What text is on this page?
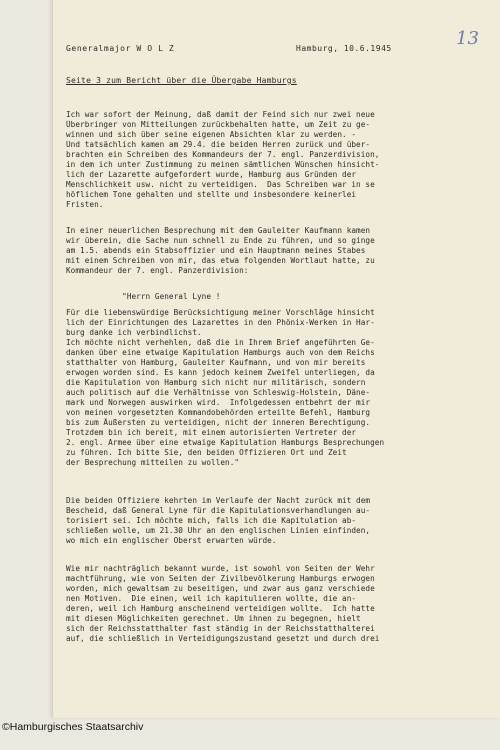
Generalmajor W O L Z	Hamburg, 10.6.1945	13
Seite 3 zum Bericht über die Übergabe Hamburgs
Ich war sofort der Meinung, daß damit der Feind sich nur zwei neue
Überbringer von Mitteilungen zurückbehalten hatte, um Zeit zu ge-
winnen und sich über seine eigenen Absichten klar zu werden. -
Und tatsächlich kamen am 29.4. die beiden Herren zurück und über-
brachten ein Schreiben des Kommandeurs der 7. engl. Panzerdivision,
in dem ich unter Zustimmung zu meinen sämtlichen Wünschen hinsicht-
lich der Lazarette aufgefordert wurde, Hamburg aus Gründen der
Menschlichkeit usw. nicht zu verteidigen.  Das Schreiben war in se
höflichem Tone gehalten und stellte und insbesondere keinerlei
Fristen.
In einer neuerlichen Besprechung mit dem Gauleiter Kaufmann kamen
wir überein, die Sache nun schnell zu Ende zu führen, und so ginge
am 1.5. abends ein Stabsoffizier und ein Hauptmann meines Stabes
mit einem Schreiben von mir, das etwa folgenden Wortlaut hatte, zu
Kommandeur der 7. engl. Panzerdivision:
"Herrn General Lyne !
Für die liebenswürdige Berücksichtigung meiner Vorschläge hinsicht
lich der Einrichtungen des Lazarettes in den Phönix-Werken in Har-
burg danke ich verbindlichst.
Ich möchte nicht verhehlen, daß die in Ihrem Brief angeführten Ge-
danken über eine etwaige Kapitulation Hamburgs auch von dem Reichs
statthalter von Hamburg, Gauleiter Kaufmann, und von mir bereits
erwogen worden sind. Es kann jedoch keinem Zweifel unterliegen, da
die Kapitulation von Hamburg sich nicht nur militärisch, sondern
auch politisch auf die Verhältnisse von Schleswig-Holstein, Däne-
mark und Norwegen auswirken wird.  Infolgedessen entbehrt der mir
von meinen vorgesetzten Kommandobehörden erteilte Befehl, Hamburg
bis zum Äußersten zu verteidigen, nicht der inneren Berechtigung.
Trotzdem bin ich bereit, mit einem autorisierten Vertreter der
2. engl. Armee über eine etwaige Kapitulation Hamburgs Besprechungen
zu führen. Ich bitte Sie, den beiden Offizieren Ort und Zeit
der Besprechung mitteilen zu wollen."
Die beiden Offiziere kehrten im Verlaufe der Nacht zurück mit dem
Bescheid, daß General Lyne für die Kapitulationsverhandlungen au-
torisiert sei. Ich möchte mich, falls ich die Kapitulation ab-
schließen wolle, um 21.30 Uhr an den englischen Linien einfinden,
wo mich ein englischer Oberst erwarten würde.
Wie mir nachträglich bekannt wurde, ist sowohl von Seiten der Wehr
machtführung, wie von Seiten der Zivilbevölkerung Hamburgs erwogen
worden, mich gewaltsam zu beseitigen, und zwar aus ganz verschiede
nen Motiven.  Die einen, weil ich kapitulieren wollte, die an-
deren, weil ich Hamburg anscheinend verteidigen wollte.  Ich hatte
mit diesen Möglichkeiten gerechnet. Um ihnen zu begegnen, hielt
sich der Reichsstatthalter fast ständig in der Reichsstatthalterei
auf, die schließlich in Verteidigungszustand gesetzt und durch drei
©Hamburgisches Staatsarchiv
